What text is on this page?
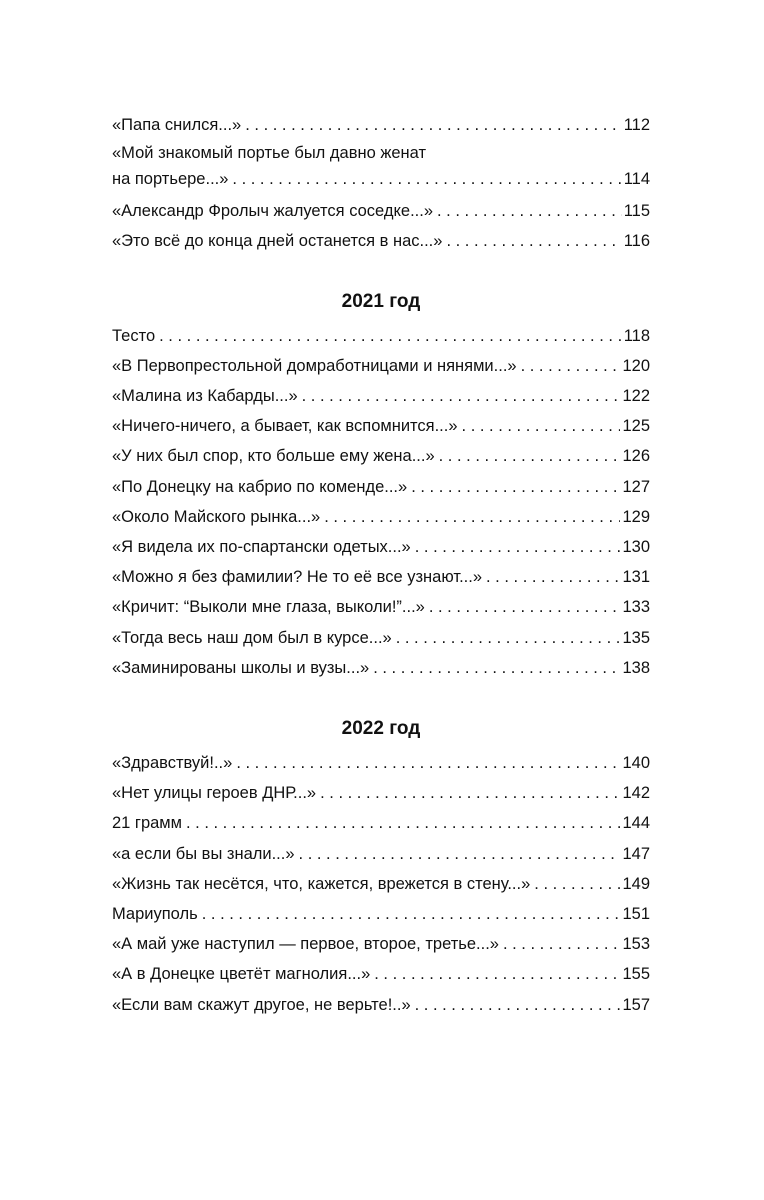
«Папа снился...» . . .	112
«Мой знакомый портье был давно женат
на портьере...» . . .	114
«Александр Фролыч жалуется соседке...» . . .	115
«Это всё до конца дней останется в нас...» . . .	116
2021 год
Тесто . . .	118
«В Первопрестольной домработницами и нянями...» . . .	120
«Малина из Кабарды...» . . .	122
«Ничего-ничего, а бывает, как вспомнится...» . . .	125
«У них был спор, кто больше ему жена...» . . .	126
«По Донецку на кабрио по коменде...» . . .	127
«Около Майского рынка...» . . .	129
«Я видела их по-спартански одетых...» . . .	130
«Можно я без фамилии? Не то её все узнают...» . . .	131
«Кричит: “Выколи мне глаза, выколи!”...» . . .	133
«Тогда весь наш дом был в курсе...» . . .	135
«Заминированы школы и вузы...» . . .	138
2022 год
«Здравствуй!..» . . .	140
«Нет улицы героев ДНР...» . . .	142
21 грамм . . .	144
«а если бы вы знали...» . . .	147
«Жизнь так несётся, что, кажется, врежется в стену...» . . .	149
Мариуполь . . .	151
«А май уже наступил — первое, второе, третье...» . . .	153
«А в Донецке цветёт магнолия...» . . .	155
«Если вам скажут другое, не верьте!..» . . .	157
